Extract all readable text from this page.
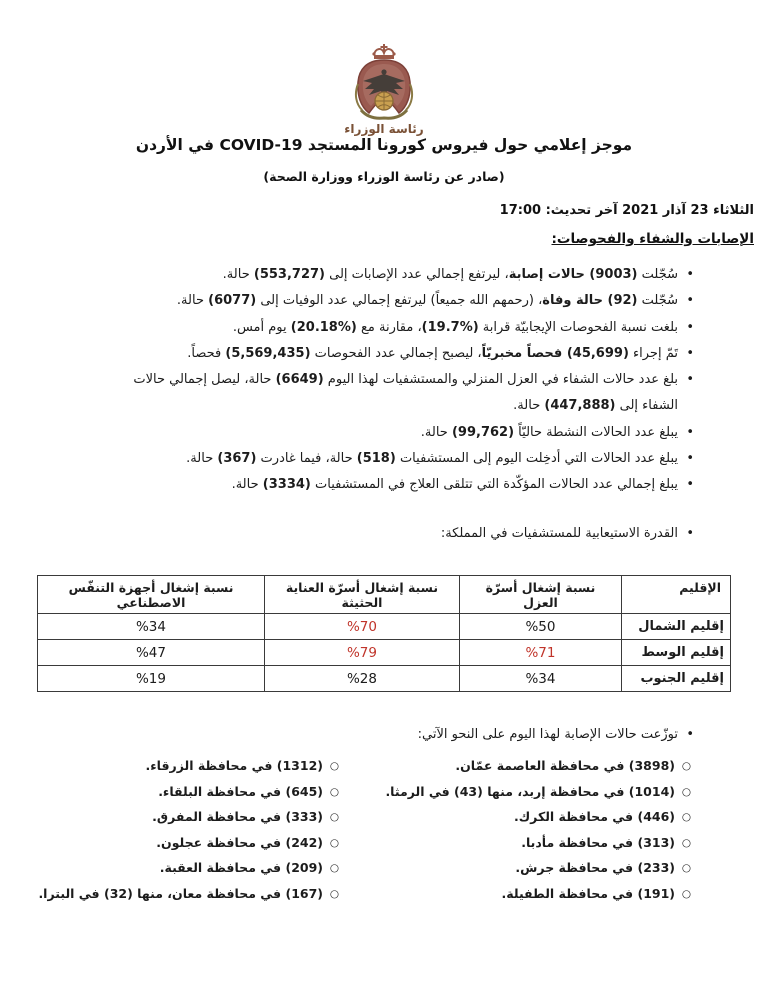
رئاسة الوزراء
موجز إعلامي حول فيروس كورونا المستجد COVID-19 في الأردن
(صادر عن رئاسة الوزراء ووزارة الصحة)
الثلاثاء 23 آذار 2021 آخر تحديث: 17:00
الإصابات والشفاء والفحوصات:
•
سُجّلت (9003) حالات إصابة، ليرتفع إجمالي عدد الإصابات إلى (553,727) حالة.
•
سُجّلت (92) حالة وفاة، (رحمهم الله جميعاً) ليرتفع إجمالي عدد الوفيات إلى (6077) حالة.
•
بلغت نسبة الفحوصات الإيجابيّة قرابة (%19.7)، مقارنة مع (%20.18) يوم أمس.
•
تَمّ إجراء (45,699) فحصاً مخبريّاً، ليصبح إجمالي عدد الفحوصات (5,569,435) فحصاً.
•
بلغ عدد حالات الشفاء في العزل المنزلي والمستشفيات لهذا اليوم (6649) حالة، ليصل إجمالي حالات الشفاء إلى (447,888) حالة.
•
يبلغ عدد الحالات النشطة حاليّاً (99,762) حالة.
•
يبلغ عدد الحالات التي أدخِلت اليوم إلى المستشفيات (518) حالة، فيما غادرت (367) حالة.
•
يبلغ إجمالي عدد الحالات المؤكّدة التي تتلقى العلاج في المستشفيات (3334) حالة.
•
القدرة الاستيعابية للمستشفيات في المملكة:
الإقليم	نسبة إشغال أسرّة العزل	نسبة إشغال أسرّة العناية الحثيثة	نسبة إشغال أجهزة التنفّس الاصطناعي
إقليم الشمال	%50	%70	%34
إقليم الوسط	%71	%79	%47
إقليم الجنوب	%34	%28	%19
•
توزّعت حالات الإصابة لهذا اليوم على النحو الآتي:
○
(3898) في محافظة العاصمة عمّان.
○
(1014) في محافظة إربد، منها (43) في الرمثا.
○
(446) في محافظة الكرك.
○
(313) في محافظة مأدبا.
○
(233) في محافظة جرش.
○
(191) في محافظة الطفيلة.
○
(1312) في محافظة الزرقاء.
○
(645) في محافظة البلقاء.
○
(333) في محافظة المفرق.
○
(242) في محافظة عجلون.
○
(209) في محافظة العقبة.
○
(167) في محافظة معان، منها (32) في البترا.
